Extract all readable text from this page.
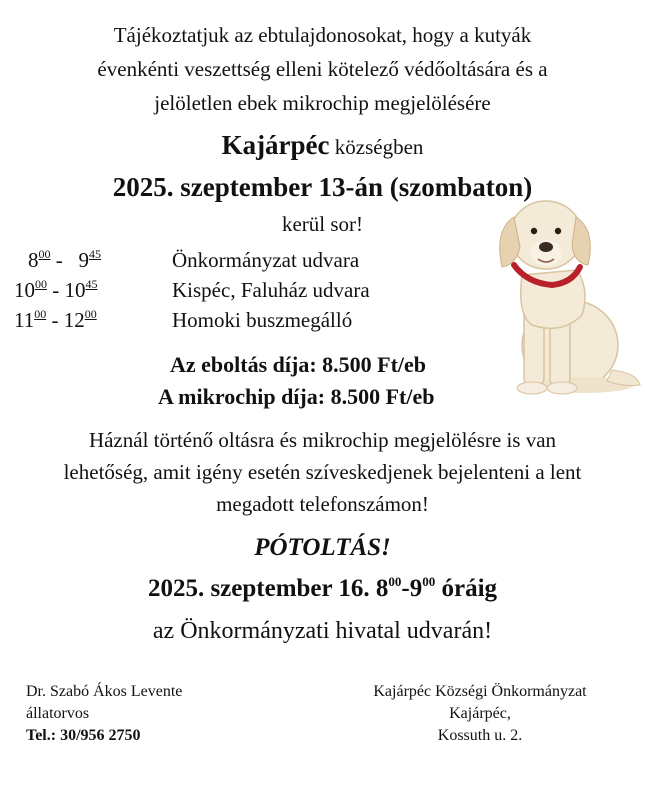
Tájékoztatjuk az ebtulajdonosokat, hogy a kutyák
évenkénti veszettség elleni kötelező védőoltására és a
jelöletlen ebek mikrochip megjelölésére
Kajárpéc községben
2025. szeptember 13-án (szombaton)
kerül sor!
$8^{00} - 9^{45}$	Önkormányzat udvara
$10^{00} - 10^{45}$	Kispéc, Faluház udvara
$11^{00} - 12^{00}$	Homoki buszmegálló
Az eboltás díja: 8.500 Ft/eb
A mikrochip díja: 8.500 Ft/eb
Háznál történő oltásra és mikrochip megjelölésre is van
lehetőség, amit igény esetén szíveskedjenek bejelenteni a lent
megadott telefonszámon!
PÓTOLTÁS!
2025. szeptember 16. $8^{00}-9^{00}$ óráig
az Önkormányzati hivatal udvarán!
Dr. Szabó Ákos Levente
állatorvos
Tel.: 30/956 2750
Kajárpéc Községi Önkormányzat
Kajárpéc,
Kossuth u. 2.
